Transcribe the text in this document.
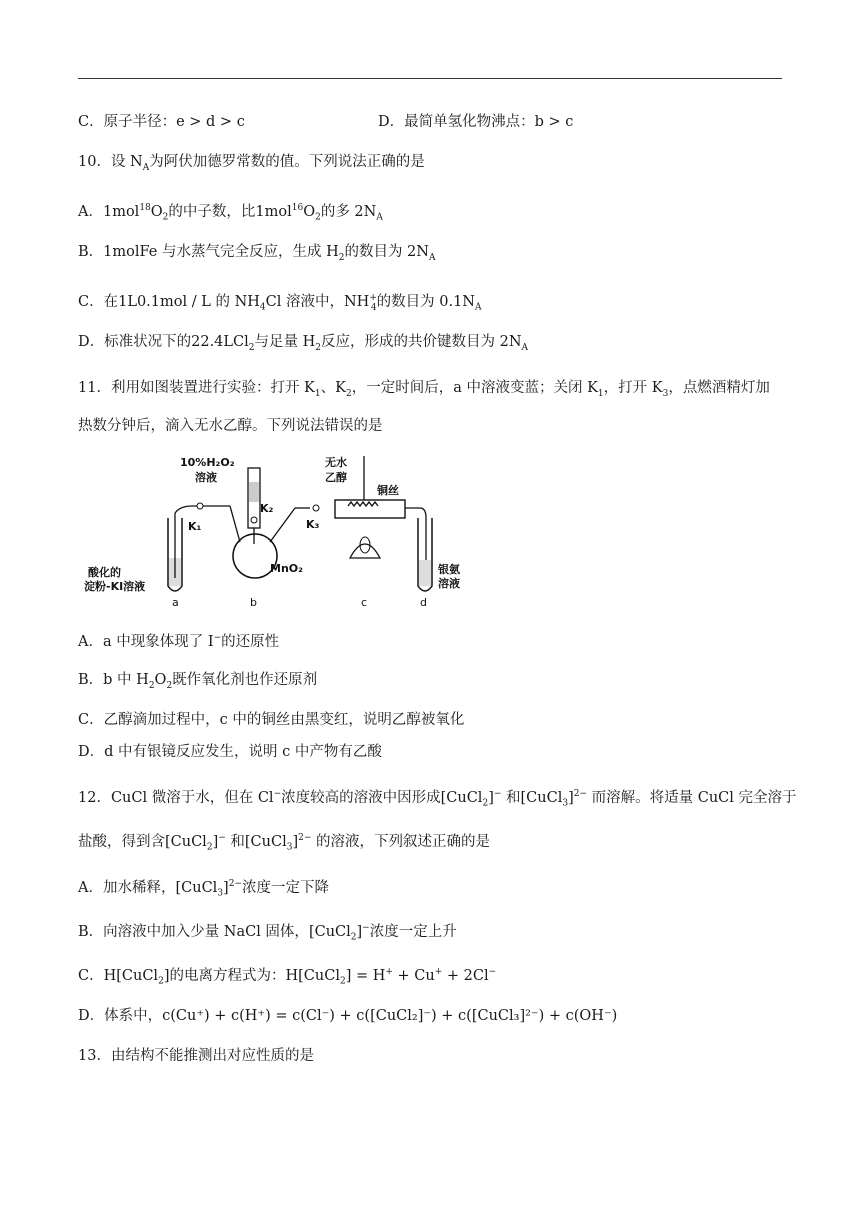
C．原子半径：e > d > c	D．最简单氢化物沸点：b > c
10．设 $N_A$为阿伏加德罗常数的值。下列说法正确的是
A．$1mol^{18}O_2$的中子数，比$1mol^{16}O_2$的多 $2N_A$
B．1molFe 与水蒸气完全反应，生成 $H_2$的数目为 $2N_A$
C．在1L0.1mol / L 的 $NH_4Cl$ 溶液中，$NH^+_4$的数目为 $0.1N_A$
D．标准状况下的22.4LCl$_2$与足量 $H_2$反应，形成的共价键数目为 $2N_A$
11．利用如图装置进行实验：打开 $K_1$、$K_2$，一定时间后，a 中溶液变蓝；关闭 $K_1$，打开 $K_3$，点燃酒精灯加
热数分钟后，滴入无水乙醇。下列说法错误的是
K₁
K₂
10%H₂O₂
溶液
MnO₂
K₃
无水
乙醇
铜丝
酸化的
淀粉-KI溶液
银氨
溶液
a	b	c	d
A．a 中现象体现了 I−的还原性
B．b 中 $H_2O_2$既作氧化剂也作还原剂
C．乙醇滴加过程中，c 中的铜丝由黑变红，说明乙醇被氧化
D．d 中有银镜反应发生，说明 c 中产物有乙酸
12．CuCl 微溶于水，但在 Cl−浓度较高的溶液中因形成[CuCl$_2$]− 和[CuCl$_3$]$^{2-}$ 而溶解。将适量 CuCl 完全溶于
盐酸，得到含[CuCl$_2$]− 和[CuCl$_3$]$^{2-}$ 的溶液，下列叙述正确的是
A．加水稀释，[CuCl$_3$]$^{2-}$浓度一定下降
B．向溶液中加入少量 NaCl 固体，[CuCl$_2$]−浓度一定上升
C．H[CuCl$_2$]的电离方程式为：H[CuCl$_2$] = H+ + Cu+ + 2Cl−
D．体系中，c(Cu⁺) + c(H⁺) = c(Cl⁻) + c([CuCl₂]⁻) + c([CuCl₃]²⁻) + c(OH⁻)
13．由结构不能推测出对应性质的是
